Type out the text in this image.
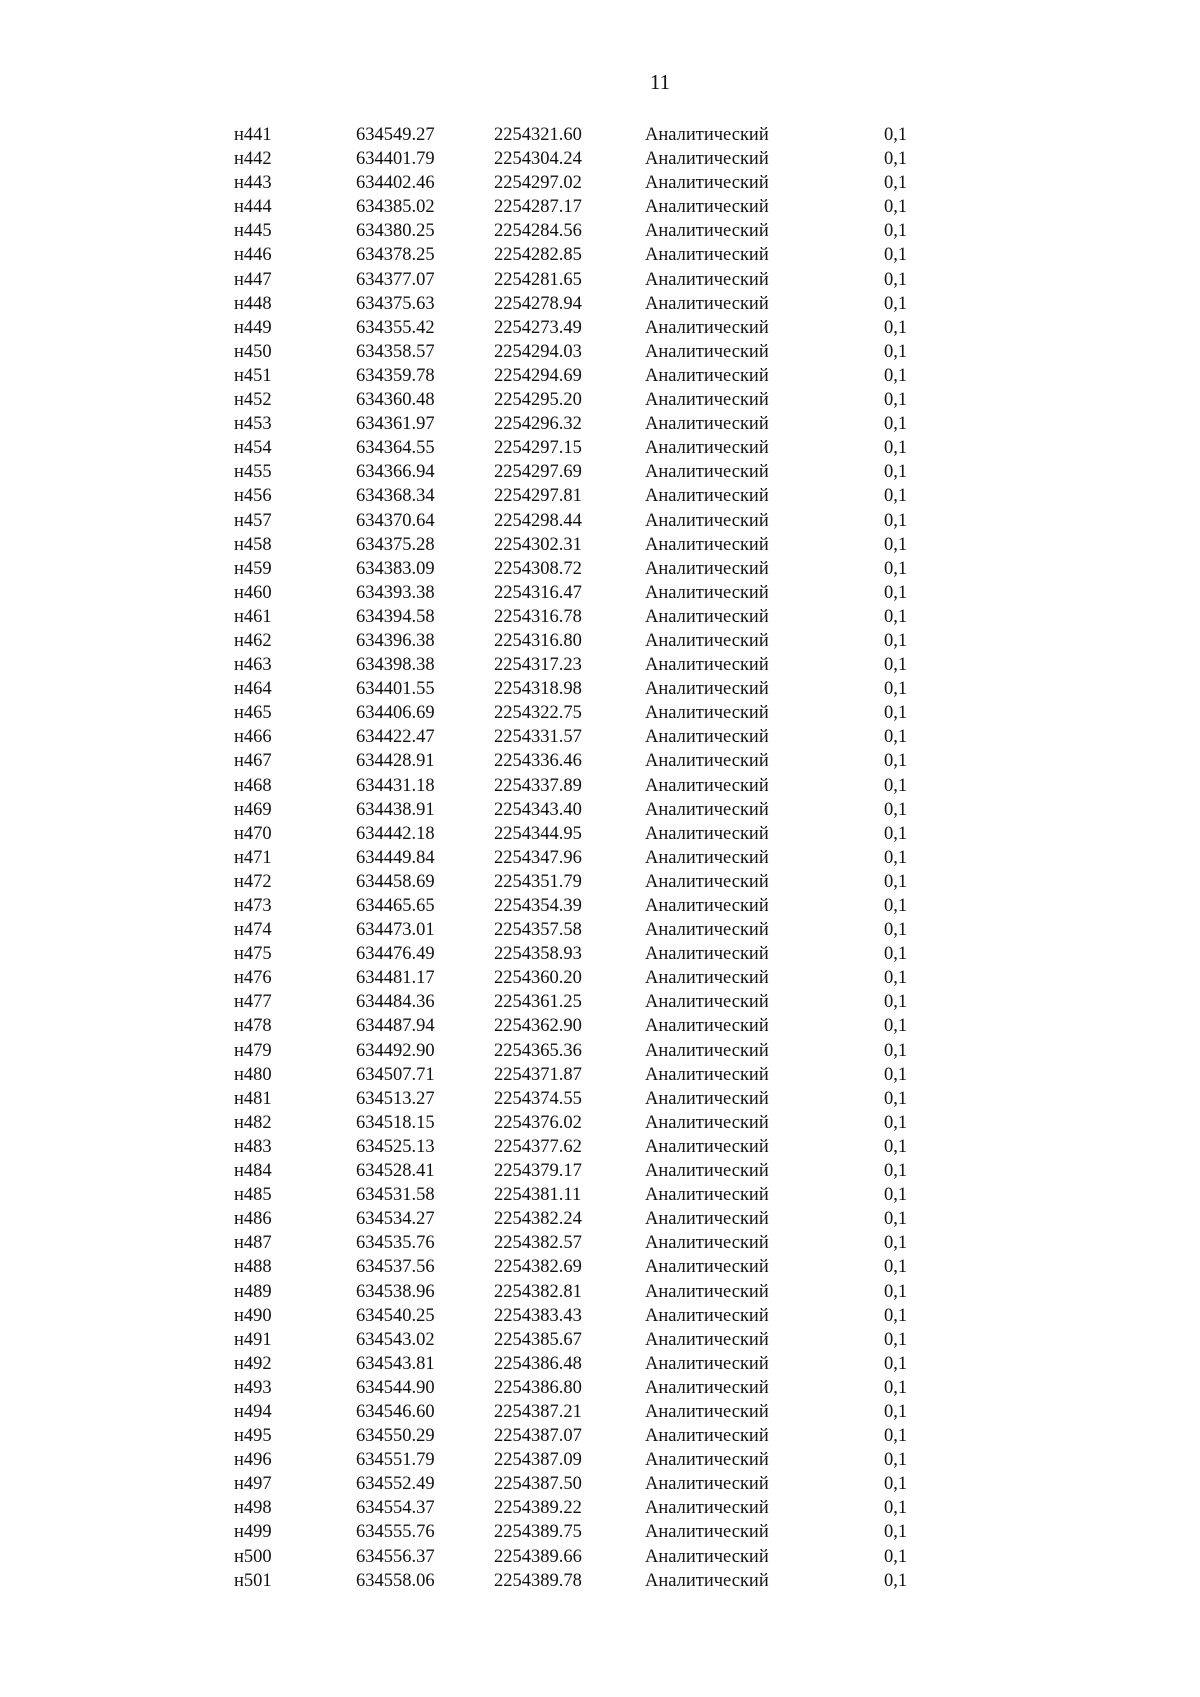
11
н441	634549.27	2254321.60	Аналитический	0,1
н442	634401.79	2254304.24	Аналитический	0,1
н443	634402.46	2254297.02	Аналитический	0,1
н444	634385.02	2254287.17	Аналитический	0,1
н445	634380.25	2254284.56	Аналитический	0,1
н446	634378.25	2254282.85	Аналитический	0,1
н447	634377.07	2254281.65	Аналитический	0,1
н448	634375.63	2254278.94	Аналитический	0,1
н449	634355.42	2254273.49	Аналитический	0,1
н450	634358.57	2254294.03	Аналитический	0,1
н451	634359.78	2254294.69	Аналитический	0,1
н452	634360.48	2254295.20	Аналитический	0,1
н453	634361.97	2254296.32	Аналитический	0,1
н454	634364.55	2254297.15	Аналитический	0,1
н455	634366.94	2254297.69	Аналитический	0,1
н456	634368.34	2254297.81	Аналитический	0,1
н457	634370.64	2254298.44	Аналитический	0,1
н458	634375.28	2254302.31	Аналитический	0,1
н459	634383.09	2254308.72	Аналитический	0,1
н460	634393.38	2254316.47	Аналитический	0,1
н461	634394.58	2254316.78	Аналитический	0,1
н462	634396.38	2254316.80	Аналитический	0,1
н463	634398.38	2254317.23	Аналитический	0,1
н464	634401.55	2254318.98	Аналитический	0,1
н465	634406.69	2254322.75	Аналитический	0,1
н466	634422.47	2254331.57	Аналитический	0,1
н467	634428.91	2254336.46	Аналитический	0,1
н468	634431.18	2254337.89	Аналитический	0,1
н469	634438.91	2254343.40	Аналитический	0,1
н470	634442.18	2254344.95	Аналитический	0,1
н471	634449.84	2254347.96	Аналитический	0,1
н472	634458.69	2254351.79	Аналитический	0,1
н473	634465.65	2254354.39	Аналитический	0,1
н474	634473.01	2254357.58	Аналитический	0,1
н475	634476.49	2254358.93	Аналитический	0,1
н476	634481.17	2254360.20	Аналитический	0,1
н477	634484.36	2254361.25	Аналитический	0,1
н478	634487.94	2254362.90	Аналитический	0,1
н479	634492.90	2254365.36	Аналитический	0,1
н480	634507.71	2254371.87	Аналитический	0,1
н481	634513.27	2254374.55	Аналитический	0,1
н482	634518.15	2254376.02	Аналитический	0,1
н483	634525.13	2254377.62	Аналитический	0,1
н484	634528.41	2254379.17	Аналитический	0,1
н485	634531.58	2254381.11	Аналитический	0,1
н486	634534.27	2254382.24	Аналитический	0,1
н487	634535.76	2254382.57	Аналитический	0,1
н488	634537.56	2254382.69	Аналитический	0,1
н489	634538.96	2254382.81	Аналитический	0,1
н490	634540.25	2254383.43	Аналитический	0,1
н491	634543.02	2254385.67	Аналитический	0,1
н492	634543.81	2254386.48	Аналитический	0,1
н493	634544.90	2254386.80	Аналитический	0,1
н494	634546.60	2254387.21	Аналитический	0,1
н495	634550.29	2254387.07	Аналитический	0,1
н496	634551.79	2254387.09	Аналитический	0,1
н497	634552.49	2254387.50	Аналитический	0,1
н498	634554.37	2254389.22	Аналитический	0,1
н499	634555.76	2254389.75	Аналитический	0,1
н500	634556.37	2254389.66	Аналитический	0,1
н501	634558.06	2254389.78	Аналитический	0,1
